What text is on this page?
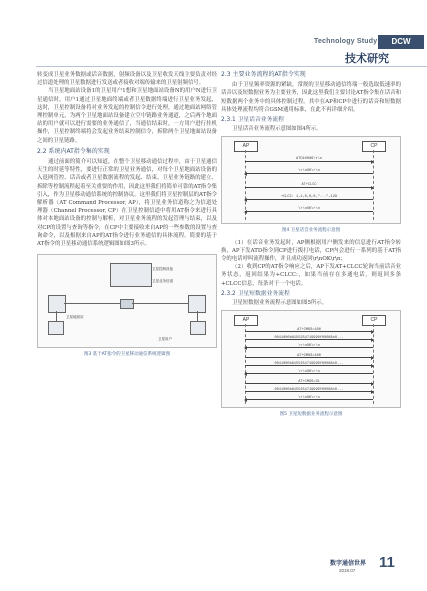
Technology Study	DCW
技术研究

转变成卫星业务数据或话音数据，射频设备以及卫星收发天线主要负责对经过信道处理的卫星数据进行发送或者接收对端传输来的卫星射频信号。

当卫星地面站设备1的卫星用户1想和卫星地面站设备N的用户N进行卫星通信时，用户1通过卫星地面终端或者卫星数据终端进行卫星业务发起，这时，卫星控制设备将对业务发起的控制信令进行处理，通过地面站网络管理控制单元，为两个卫星地面站设备建立空中链路业务通道，之后两个地面站的用户就可以进行需要的业务通信了，当通信结束时，一方用户进行挂机操作，卫星控制终端将会发起业务结束控制信令，拆除两个卫星地面站设备之间的卫星链路。

2.2 系统内AT指令集的实现

通过前面的简介可以知道，在整个卫星移动通信过程中，由于卫星通信天生的时延等特性，要进行正常的卫星业务通信，对每个卫星地面站设备的入退网管控、话音或者卫星数据流程的发起、结束、卫星业务链路的建立、拆除等控制流程起着至关重要的作用，因此这里我们将简单可靠的AT指令集引入，作为卫星移动通信系统的控制协议。这里我们将卫星控制层的AT指令解析器（AT Command Processor, AP），将卫星业务信道称之为信道处理器（Channel Processor, CP）在卫星控制信道中将用AT指令来进行具体对本地面站设备的控制与解析，对卫星业务流程的发起管理与结束，以及对CP的设置与查询等指令，在CP中主要接收来自AP的一些参数的设置与查询命令，以及根据来自AP的AT指令进行业务通信的具体流程。简要的基于AT指令的卫星移动通信系统逻辑图如图3所示。

卫星控制设备
卫星业务信道
卫星地面站
卫星用户
图3 基于AT指令的卫星移动通信系统逻辑图
2.3 主要业务流程的AT指令实现

由于卫星频率资源的紧缺，常规的卫星移动通信终端一般选取低速率的话音以及短数据业务为主要业务，因此这里我们主要讨论AT指令集在话音和短数据两个业务中的具体控制过程。其中在AP和CP中进行的话音和短数据具体处理流程均符合GSM通用标准，在此不再详细介绍。

2.3.1 卫星话音业务流程

卫星话音业务流程示意图如图4所示。

AP	CP
ATD10086\r\n
\r\nOK\r\n
AT+CLCC
+CLCC: 1,1,0,0,0,"...",129
\r\nOK\r\n
图4 卫星话音业务流程示意图

（1）在话音业务发起时，AP侧根据用户侧发来的信息进行AT指令转换，AP下发ATD指令到CP进行拨打电话，CP内会进行一系列的基于AT指令的电话呼叫流程操作，并且成功返回\r\nOK\r\n；

（2）收到CP的AT指令响应之后，AP下发AT+CLCC轮询当前话音业务状态，返回结果为+CLCC:，如果当前存在多通电话，则返回多条+CLCC信息，每条对于一个电话。

2.3.2 卫星短数据业务流程

卫星短数据业务流程示意图如图5所示。

AP	CP
AT+CMGS=180
0041000b8155254719990f00088c0...
\r\nOK\r\n
AT+CMGS=180
0041000b8155254719990f00088c0...
\r\nOK\r\n
AT+CMGS=31
0041000b8155254719990f00088c0...
\r\nOK\r\n
图5 卫星短数据业务流程示意图
数字通信世界
2018.07 11
